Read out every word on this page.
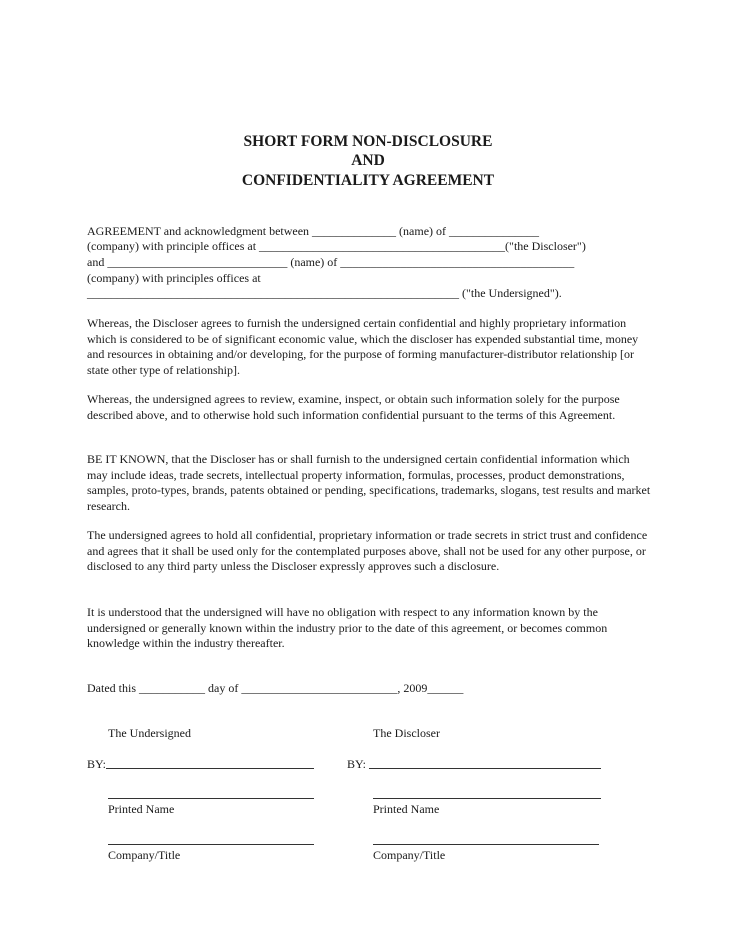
SHORT FORM NON-DISCLOSURE
AND
CONFIDENTIALITY AGREEMENT
AGREEMENT and acknowledgment between ______________ (name) of _______________
(company) with principle offices at _________________________________________("the Discloser")
and ______________________________ (name) of _______________________________________
(company) with principles offices at
______________________________________________________________ ("the Undersigned").
Whereas, the Discloser agrees to furnish the undersigned certain confidential and highly proprietary information which is considered to be of significant economic value, which the discloser has expended substantial time, money and resources in obtaining and/or developing, for the purpose of forming manufacturer-distributor relationship [or state other type of relationship].
Whereas, the undersigned agrees to review, examine, inspect, or obtain such information solely for the purpose described above, and to otherwise hold such information confidential pursuant to the terms of this Agreement.
BE IT KNOWN, that the Discloser has or shall furnish to the undersigned certain confidential information which may include ideas, trade secrets, intellectual property information, formulas, processes, product demonstrations, samples, proto-types, brands, patents obtained or pending, specifications, trademarks, slogans, test results and market research.
The undersigned agrees to hold all confidential, proprietary information or trade secrets in strict trust and confidence and agrees that it shall be used only for the contemplated purposes above, shall not be used for any other purpose, or disclosed to any third party unless the Discloser expressly approves such a disclosure.
It is understood that the undersigned will have no obligation with respect to any information known by the undersigned or generally known within the industry prior to the date of this agreement, or becomes common knowledge within the industry thereafter.
Dated this ___________ day of __________________________, 2009______
The Undersigned	The Discloser
BY:	BY:
Printed Name	Printed Name
Company/Title	Company/Title
